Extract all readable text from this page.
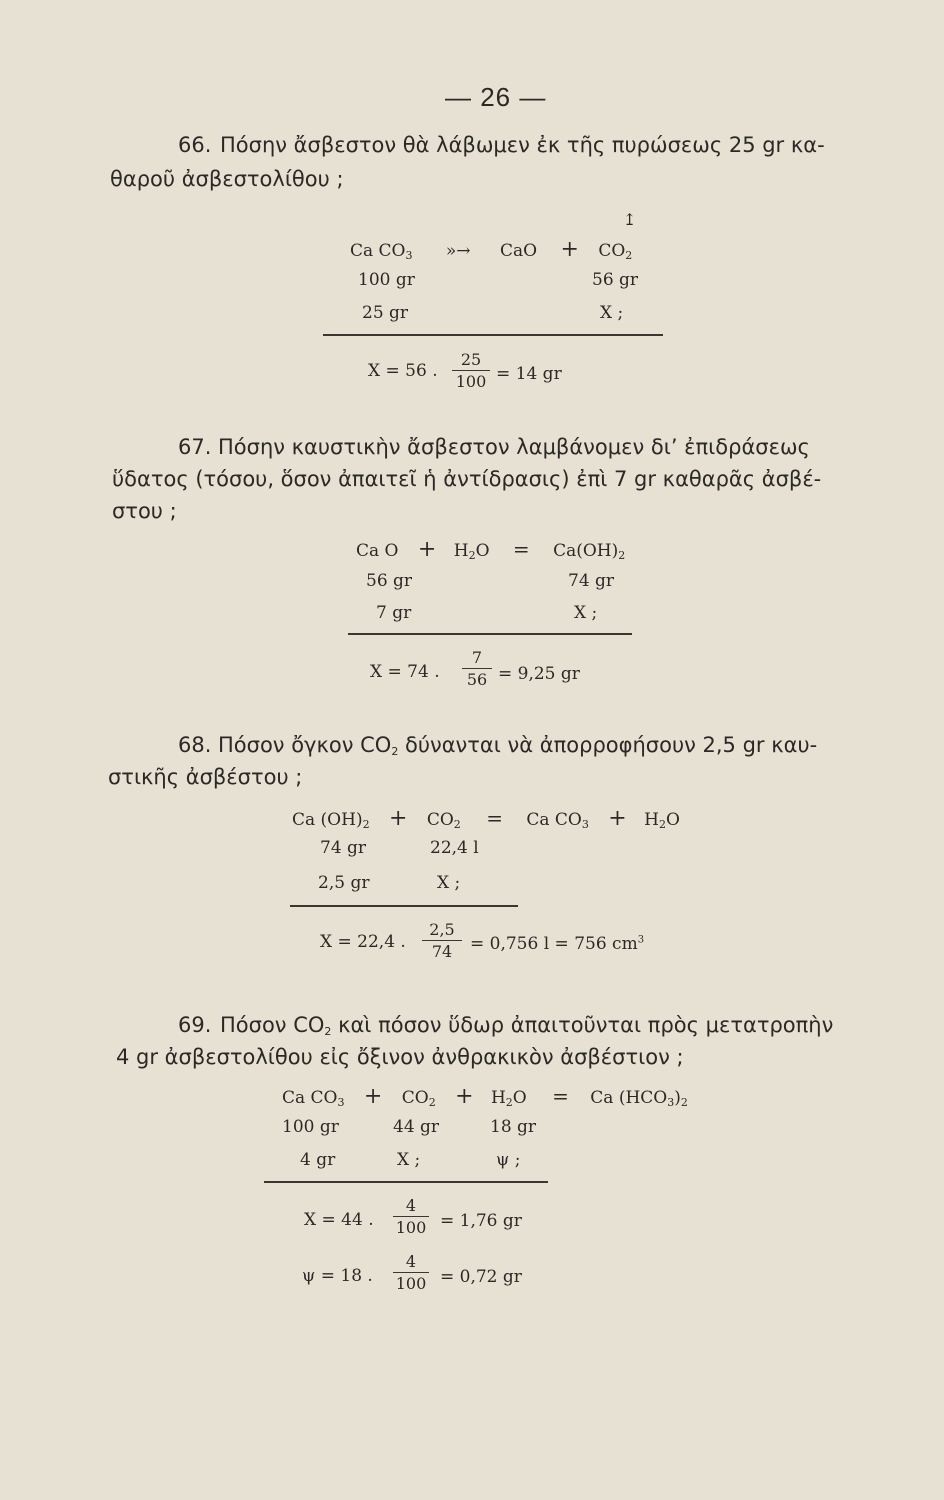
— 26 —
66. Πόσην ἄσβεστον θὰ λάβωμεν ἐκ τῆς πυρώσεως 25 gr κα-
θαροῦ ἀσβεστολίθου ;
↥
Ca $CO_3$ »→ CaO + $CO_2$
100 gr	56 gr
25 gr	X ;
X = 56 .
25
100 = 14 gr
67. Πόσην καυστικὴν ἄσβεστον λαμβάνομεν δι’ ἐπιδράσεως
ὕδατος (τόσου, ὅσον ἀπαιτεῖ ἡ ἀντίδρασις) ἐπὶ 7 gr καθαρᾶς ἀσβέ-
στου ;
Ca $O + H_2O = Ca(OH)_2$
56 gr	74 gr
7 gr	X ;
X = 74 .
7
56 = 9,25 gr
68. Πόσον ὄγκον $CO_2$ δύνανται νὰ ἀπορροφήσουν 2,5 gr καυ-
στικῆς ἀσβέστου ;
Ca $(OH)_2 + CO_2 = Ca$ $CO_3 + H_2O$
74 gr	22,4 l
2,5 gr	X ;
X = 22,4 .
2,5
74	= 0,756 l = 756 $cm^3$
69. Πόσον $CO_2$ καὶ πόσον ὕδωρ ἀπαιτοῦνται πρὸς μετατροπὴν
4 gr ἀσβεστολίθου εἰς ὄξινον ἀνθρακικὸν ἀσβέστιον ;
Ca $CO_3 + CO_2 + H_2O = Ca$ $(HCO_3)_2$
100 gr	44 gr	18 gr
4 gr	X ;	ψ ;
X = 44 .
4
100 = 1,76 gr
ψ = 18 .
4
100 = 0,72 gr
